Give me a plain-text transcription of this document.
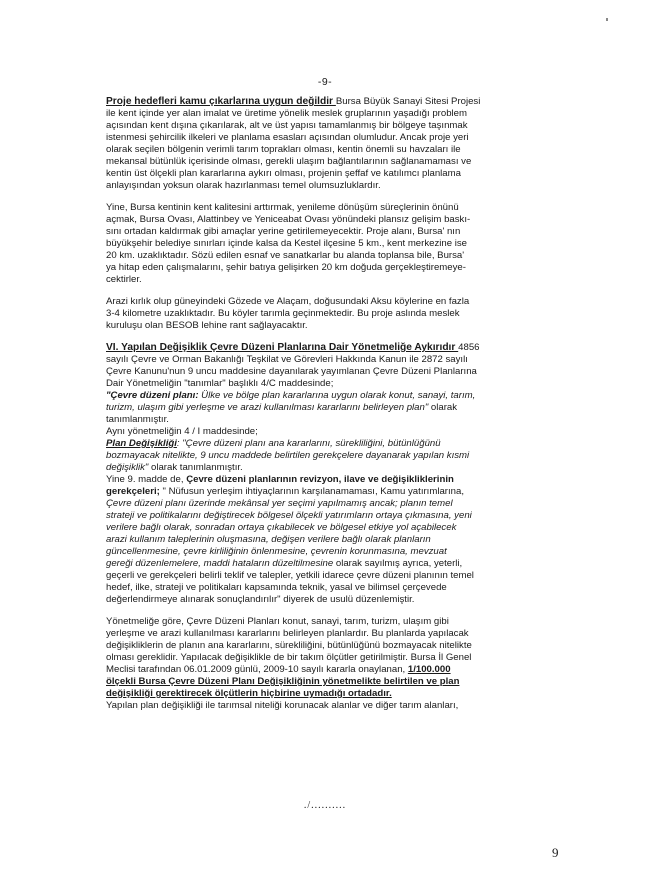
-9-
Proje hedefleri kamu çıkarlarına uygun değildir Bursa Büyük Sanayi Sitesi Projesi
ile kent içinde yer alan imalat ve üretime yönelik meslek gruplarının yaşadığı problem
açısından kent dışına çıkarılarak, alt ve üst yapısı tamamlanmış bir bölgeye taşınmak
istenmesi şehircilik ilkeleri ve planlama esasları açısından olumludur. Ancak proje yeri
olarak seçilen bölgenin verimli tarım toprakları olması, kentin önemli su havzaları ile
mekansal bütünlük içerisinde olması, gerekli ulaşım bağlantılarının sağlanamaması ve
kentin üst ölçekli plan kararlarına aykırı olması, projenin şeffaf ve katılımcı planlama
anlayışından yoksun olarak hazırlanması temel olumsuzluklardır.
Yine, Bursa kentinin kent kalitesini arttırmak, yenileme dönüşüm süreçlerinin önünü
açmak, Bursa Ovası, Alattinbey ve Yeniceabat Ovası yönündeki plansız gelişim baskı-
sını ortadan kaldırmak gibi amaçlar yerine getirilemeyecektir. Proje alanı, Bursa' nın
büyükşehir belediye sınırları içinde kalsa da Kestel ilçesine 5 km., kent merkezine ise
20 km. uzaklıktadır. Sözü edilen esnaf ve sanatkarlar bu alanda toplansa bile, Bursa'
ya hitap eden çalışmalarını, şehir batıya gelişirken 20 km doğuda gerçekleştiremeye-
cektirler.
Arazi kırlık olup güneyindeki Gözede ve Alaçam, doğusundaki Aksu köylerine en fazla
3-4 kilometre uzaklıktadır. Bu köyler tarımla geçinmektedir. Bu proje aslında meslek
kuruluşu olan BESOB lehine rant sağlayacaktır.
VI. Yapılan Değişiklik Çevre Düzeni Planlarına Dair Yönetmeliğe Aykırıdır 4856
sayılı Çevre ve Orman Bakanlığı Teşkilat ve Görevleri Hakkında Kanun ile 2872 sayılı
Çevre Kanunu'nun 9 uncu maddesine dayanılarak yayımlanan Çevre Düzeni Planlarına
Dair Yönetmeliğin "tanımlar" başlıklı 4/C maddesinde;
"Çevre düzeni planı: Ülke ve bölge plan kararlarına uygun olarak konut, sanayi, tarım,
turizm, ulaşım gibi yerleşme ve arazi kullanılması kararlarını belirleyen plan" olarak
tanımlanmıştır.
Aynı yönetmeliğin 4 / I maddesinde;
Plan Değişikliği: "Çevre düzeni planı ana kararlarını, sürekliliğini, bütünlüğünü
bozmayacak nitelikte, 9 uncu maddede belirtilen gerekçelere dayanarak yapılan kısmi
değişiklik" olarak tanımlanmıştır.
Yine 9. madde de, Çevre düzeni planlarının revizyon, ilave ve değişikliklerinin
gerekçeleri; " Nüfusun yerleşim ihtiyaçlarının karşılanamaması, Kamu yatırımlarına,
Çevre düzeni planı üzerinde mekânsal yer seçimi yapılmamış ancak; planın temel
strateji ve politikalarını değiştirecek bölgesel ölçekli yatırımların ortaya çıkmasına, yeni
verilere bağlı olarak, sonradan ortaya çıkabilecek ve bölgesel etkiye yol açabilecek
arazi kullanım taleplerinin oluşmasına, değişen verilere bağlı olarak planların
güncellenmesine, çevre kirliliğinin önlenmesine, çevrenin korunmasına, mevzuat
gereği düzenlemelere, maddi hataların düzeltilmesine olarak sayılmış ayrıca, yeterli,
geçerli ve gerekçeleri belirli teklif ve talepler, yetkili idarece çevre düzeni planının temel
hedef, ilke, strateji ve politikaları kapsamında teknik, yasal ve bilimsel çerçevede
değerlendirmeye alınarak sonuçlandırılır" diyerek de usulü düzenlemiştir.
Yönetmeliğe göre, Çevre Düzeni Planları konut, sanayi, tarım, turizm, ulaşım gibi
yerleşme ve arazi kullanılması kararlarını belirleyen planlardır. Bu planlarda yapılacak
değişikliklerin de planın ana kararlarını, sürekliliğini, bütünlüğünü bozmayacak nitelikte
olması gereklidir. Yapılacak değişiklikle de bir takım ölçütler getirilmiştir. Bursa İl Genel
Meclisi tarafından 06.01.2009 günlü, 2009-10 sayılı kararla onaylanan, 1/100.000
ölçekli Bursa Çevre Düzeni Planı Değişikliğinin yönetmelikte belirtilen ve plan
değişikliği gerektirecek ölçütlerin hiçbirine uymadığı ortadadır.
Yapılan plan değişikliği ile tarımsal niteliği korunacak alanlar ve diğer tarım alanları,
./..........
9
